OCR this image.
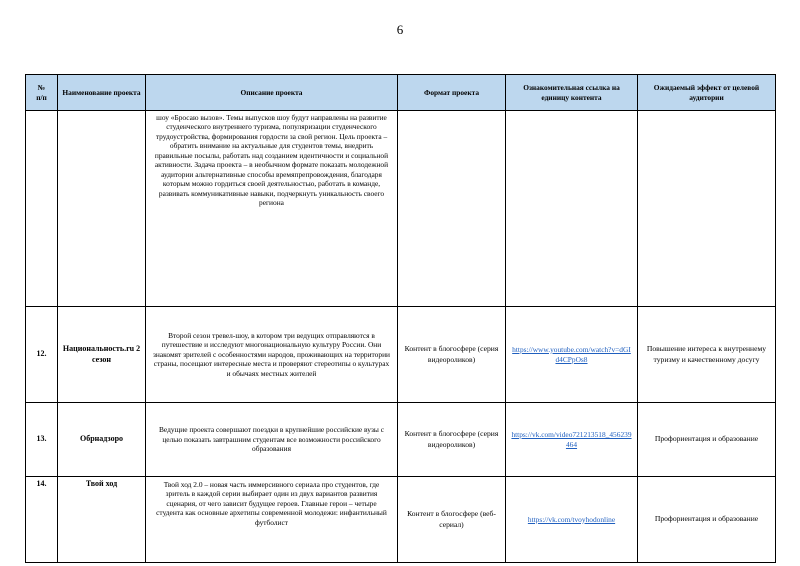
6
№
п/п	Наименование проекта	Описание проекта	Формат проекта	Ознакомительная ссылка на единицу контента	Ожидаемый эффект от целевой аудитории
		шоу «Бросаю вызов». Темы выпусков шоу будут направлены на развитие студенческого внутреннего туризма, популяризации студенческого трудоустройства, формирования гордости за свой регион. Цель проекта – обратить внимание на актуальные для студентов темы, внедрить правильные посылы, работать над созданием идентичности и социальной активности. Задача проекта – в необычном формате показать молодежной аудитории альтернативные способы времяпрепровождения, благодаря которым можно гордиться своей деятельностью, работать в команде, развивать коммуникативные навыки, подчеркнуть уникальность своего региона			
12.	Национальность.ru 2 сезон	Второй сезон тревел-шоу, в котором три ведущих отправляются в путешествие и исследуют многонациональную культуру России. Они знакомят зрителей с особенностями народов, проживающих на территории страны, посещают интересные места и проверяют стереотипы о культурах и обычаях местных жителей	Контент в блогосфере (серия видеороликов)	https://www.youtube.com/watch?v=dGId4CPpOs8	Повышение интереса к внутреннему туризму и качественному досугу
13.	Обрнадзоро	Ведущие проекта совершают поездки в крупнейшие российские вузы с целью показать завтрашним студентам все возможности российского образования	Контент в блогосфере (серия видеороликов)	https://vk.com/video721213518_456239464	Профориентация и образование
14.	Твой ход	Твой ход 2.0 – новая часть иммерсивного сериала про студентов, где зритель в каждой серии выбирает один из двух вариантов развития сценария, от чего зависит будущее героев. Главные герои – четыре студента как основные архетипы современной молодежи: инфантильный футболист	Контент в блогосфере (веб-сериал)	https://vk.com/tvoyhodonline	Профориентация и образование
